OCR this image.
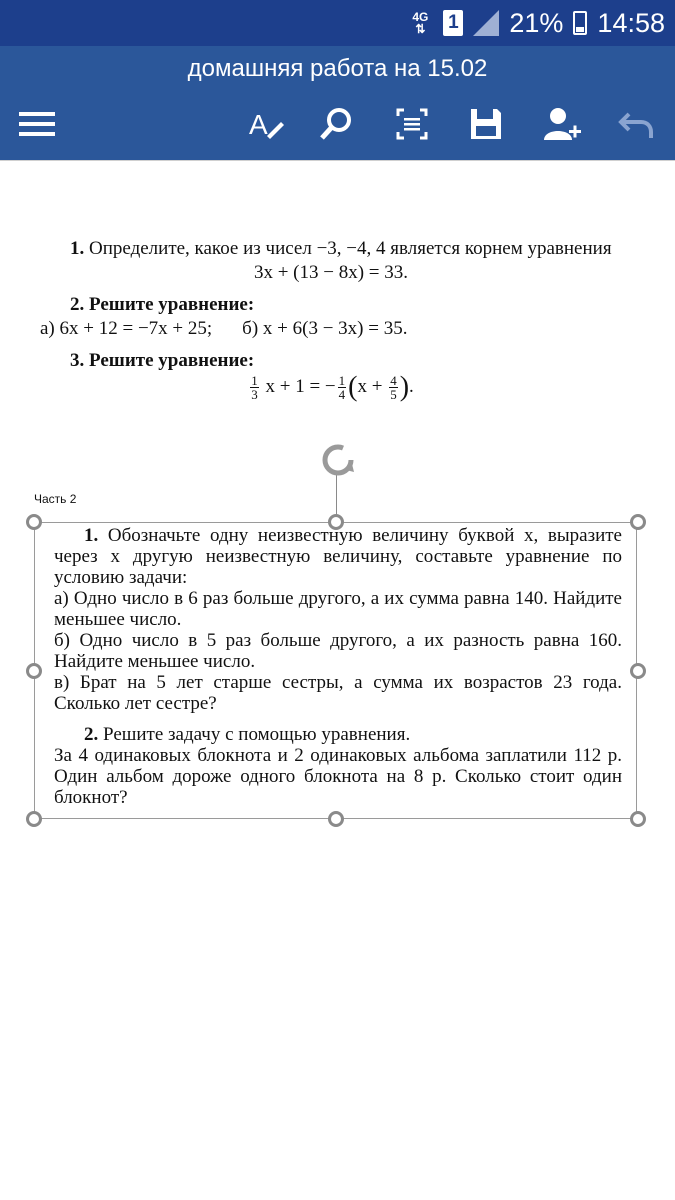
4G
⇅	1 21% 14:58
домашняя работа на 15.02
A

1. Определите, какое из чисел −3, −4, 4 является корнем уравнения

3x + (13 − 8x) = 33.

2. Решите уравнение:

а) 6x + 12 = −7x + 25; б) x + 6(3 − 3x) = 35.

3. Решите уравнение:

$\frac{1}{3}$ x + 1 = − $\frac{1}{4} (x + \frac{4}{5}$ ).

Часть 2

1. Обозначьте одну неизвестную величину буквой x, выразите через x другую неизвестную величину, составьте уравнение по условию задачи:

а) Одно число в 6 раз больше другого, а их сумма равна 140. Найдите меньшее число.

б) Одно число в 5 раз больше другого, а их разность равна 160. Найдите меньшее число.

в) Брат на 5 лет старше сестры, а сумма их возрастов 23 года. Сколько лет сестре?

2. Решите задачу с помощью уравнения.

За 4 одинаковых блокнота и 2 одинаковых альбома заплатили 112 р. Один альбом дороже одного блокнота на 8 р. Сколько стоит один блокнот?
